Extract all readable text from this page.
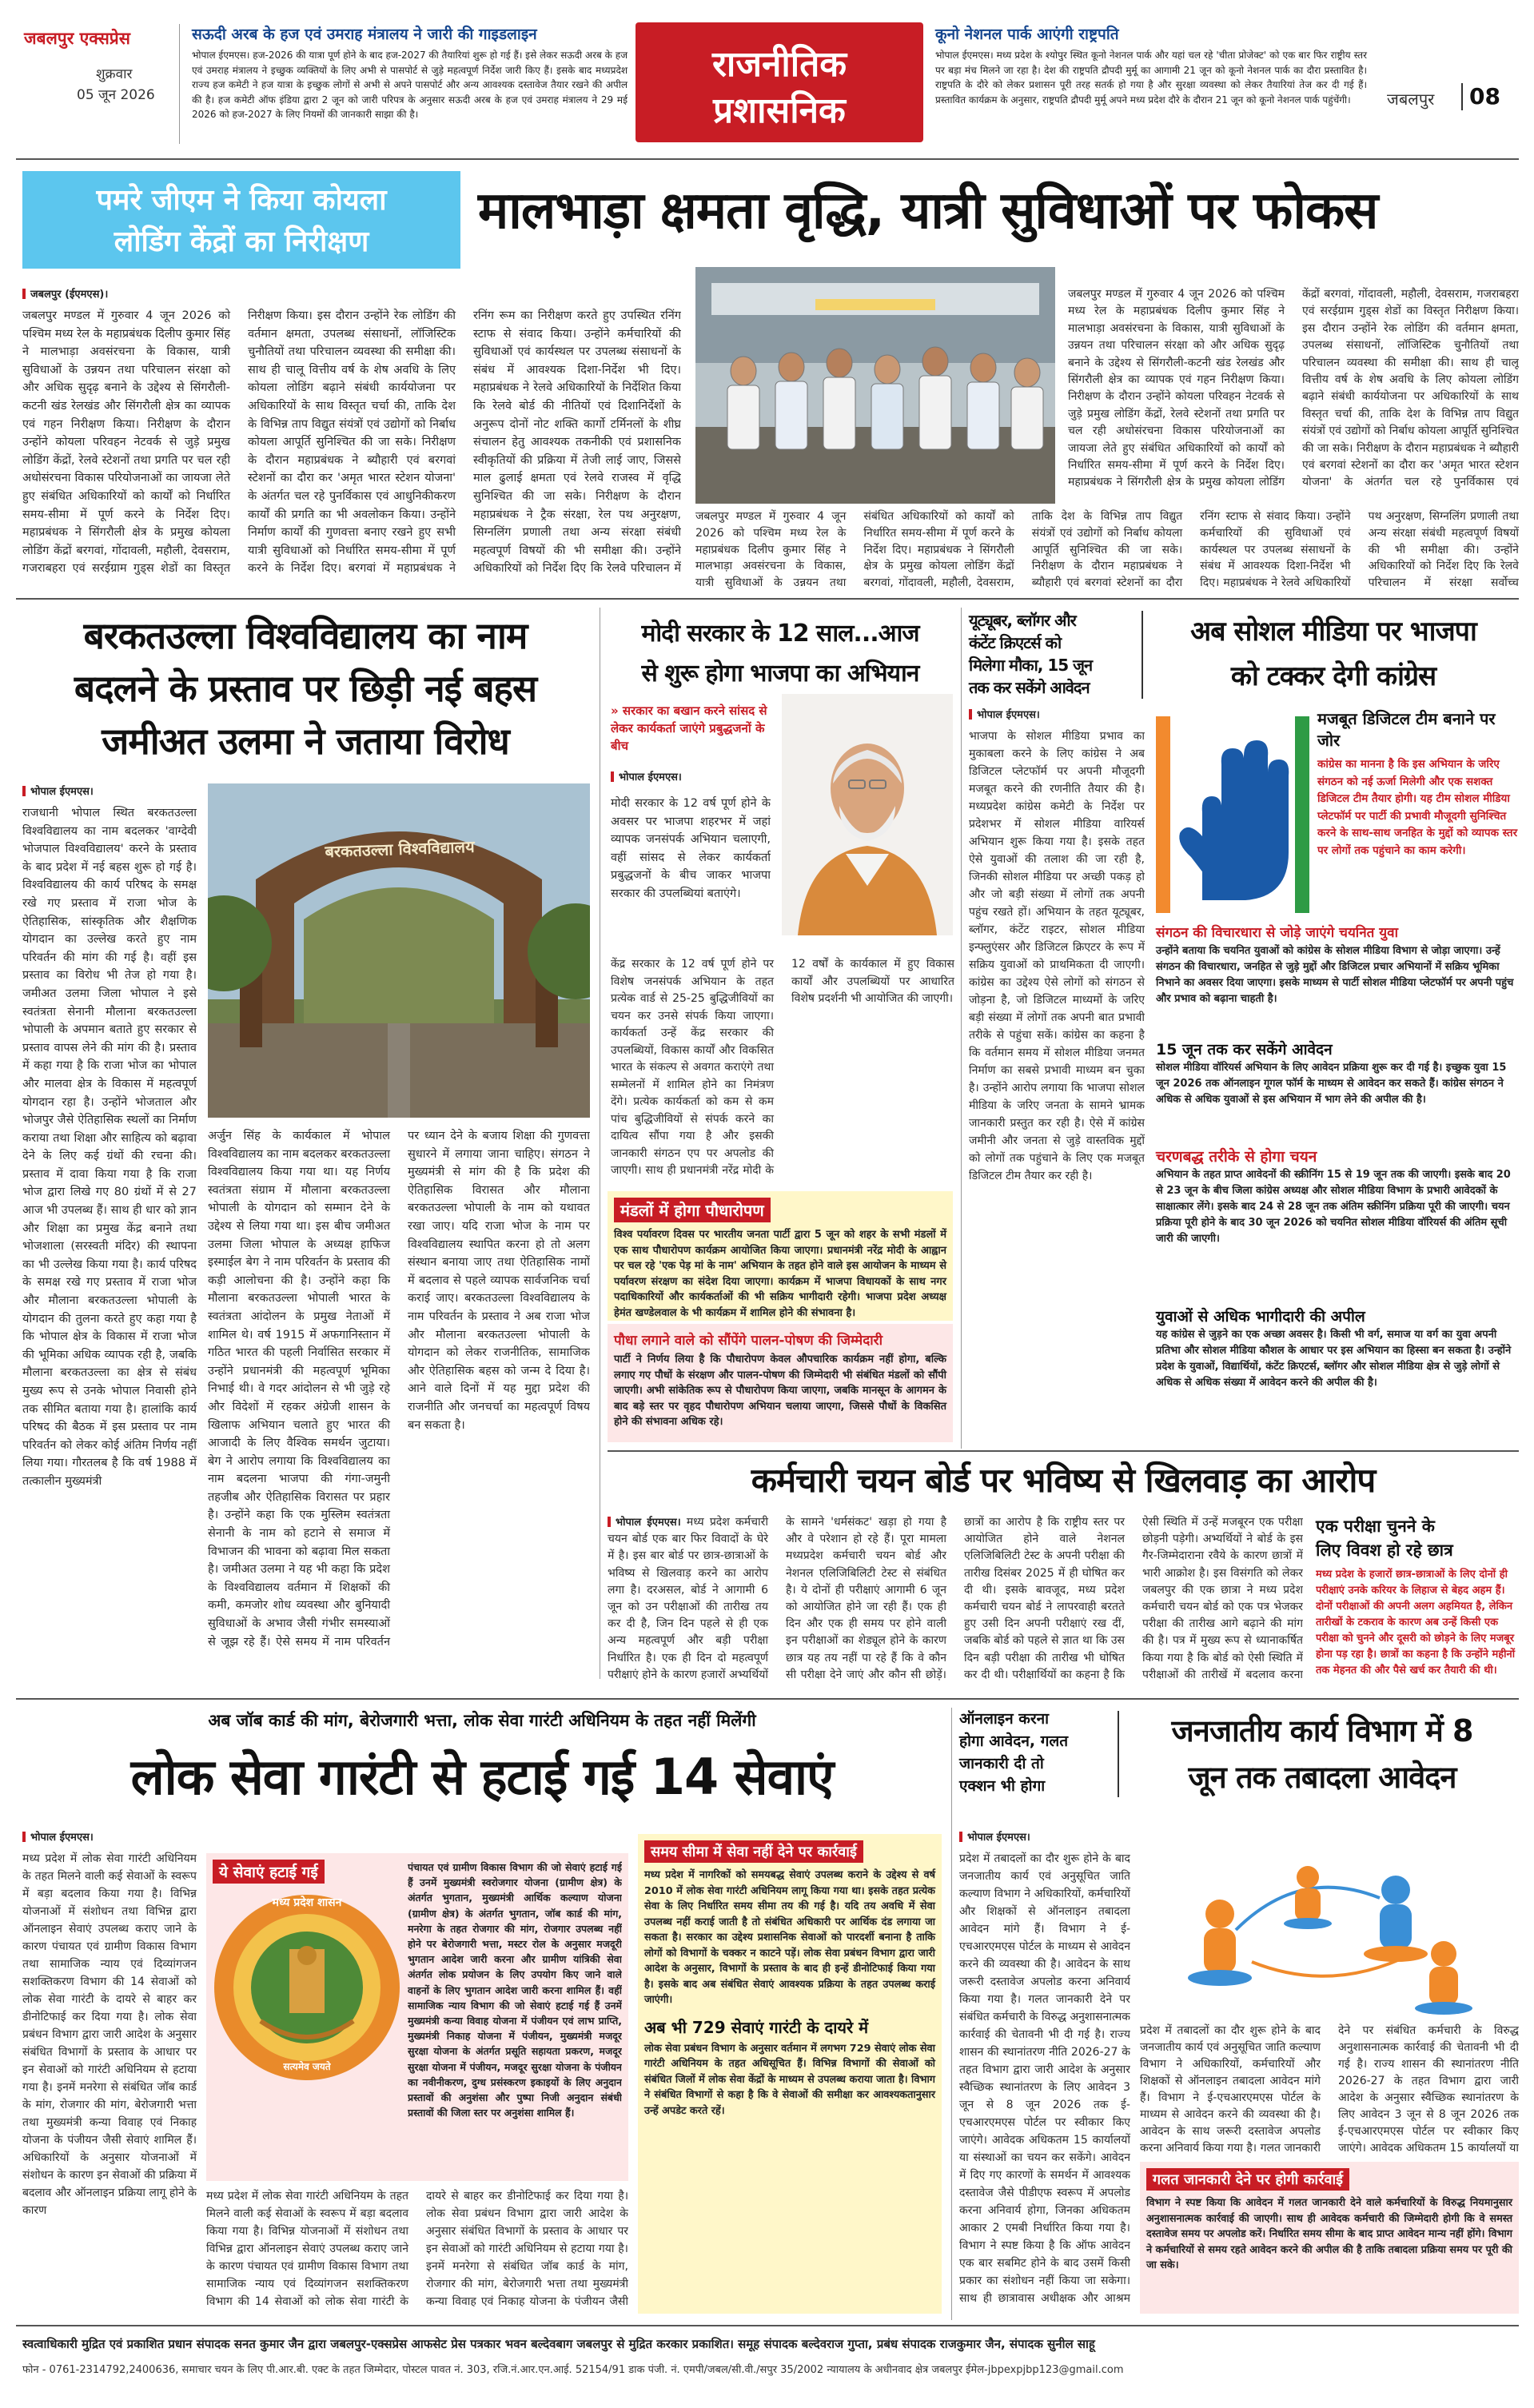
जबलपुर एक्सप्रेस
शुक्रवार
05 जून 2026
सऊदी अरब के हज एवं उमराह मंत्रालय ने जारी की गाइडलाइन
भोपाल ईएमएस। हज-2026 की यात्रा पूर्ण होने के बाद हज-2027 की तैयारियां शुरू हो गई हैं। इसे लेकर सऊदी अरब के हज एवं उमराह मंत्रालय ने इच्छुक व्यक्तियों के लिए अभी से पासपोर्ट से जुड़े महत्वपूर्ण निर्देश जारी किए हैं। इसके बाद मध्यप्रदेश राज्य हज कमेटी ने हज यात्रा के इच्छुक लोगों से अभी से अपने पासपोर्ट और अन्य आवश्यक दस्तावेज तैयार रखने की अपील की है। हज कमेटी ऑफ इंडिया द्वारा 2 जून को जारी परिपत्र के अनुसार सऊदी अरब के हज एवं उमराह मंत्रालय ने 29 मई 2026 को हज-2027 के लिए नियमों की जानकारी साझा की है।
राजनीतिक
प्रशासनिक
कूनो नेशनल पार्क आएंगी राष्ट्रपति
भोपाल ईएमएस। मध्य प्रदेश के श्योपुर स्थित कूनो नेशनल पार्क और यहां चल रहे 'चीता प्रोजेक्ट' को एक बार फिर राष्ट्रीय स्तर पर बड़ा मंच मिलने जा रहा है। देश की राष्ट्रपति द्रौपदी मुर्मू का आगामी 21 जून को कूनो नेशनल पार्क का दौरा प्रस्तावित है। राष्ट्रपति के दौरे को लेकर प्रशासन पूरी तरह सतर्क हो गया है और सुरक्षा व्यवस्था को लेकर तैयारियां तेज कर दी गई हैं। प्रस्तावित कार्यक्रम के अनुसार, राष्ट्रपति द्रौपदी मुर्मू अपने मध्य प्रदेश दौरे के दौरान 21 जून को कूनो नेशनल पार्क पहुंचेंगी।	जबलपुर 08
पमरे जीएम ने किया कोयला
लोडिंग केंद्रों का निरीक्षण
मालभाड़ा क्षमता वृद्धि, यात्री सुविधाओं पर फोकस
जबलपुर (ईएमएस)।
जबलपुर मण्डल में गुरुवार 4 जून 2026 को पश्चिम मध्य रेल के महाप्रबंधक दिलीप कुमार सिंह ने मालभाड़ा अवसंरचना के विकास, यात्री सुविधाओं के उन्नयन तथा परिचालन संरक्षा को और अधिक सुदृढ़ बनाने के उद्देश्य से सिंगरौली-कटनी खंड रेलखंड और सिंगरौली क्षेत्र का व्यापक एवं गहन निरीक्षण किया। निरीक्षण के दौरान उन्होंने कोयला परिवहन नेटवर्क से जुड़े प्रमुख लोडिंग केंद्रों, रेलवे स्टेशनों तथा प्रगति पर चल रही अधोसंरचना विकास परियोजनाओं का जायजा लेते हुए संबंधित अधिकारियों को कार्यों को निर्धारित समय-सीमा में पूर्ण करने के निर्देश दिए। महाप्रबंधक ने सिंगरौली क्षेत्र के प्रमुख कोयला लोडिंग केंद्रों बरगवां, गोंदावली, महौली, देवसराम, गजराबहरा एवं सरईग्राम गुड्स शेडों का विस्तृत निरीक्षण किया। इस दौरान उन्होंने रेक लोडिंग की वर्तमान क्षमता, उपलब्ध संसाधनों, लॉजिस्टिक चुनौतियों तथा परिचालन व्यवस्था की समीक्षा की। साथ ही चालू वित्तीय वर्ष के शेष अवधि के लिए कोयला लोडिंग बढ़ाने संबंधी कार्ययोजना पर अधिकारियों के साथ विस्तृत चर्चा की, ताकि देश के विभिन्न ताप विद्युत संयंत्रों एवं उद्योगों को निर्बाध कोयला आपूर्ति सुनिश्चित की जा सके। निरीक्षण के दौरान महाप्रबंधक ने ब्यौहारी एवं बरगवां स्टेशनों का दौरा कर 'अमृत भारत स्टेशन योजना' के अंतर्गत चल रहे पुनर्विकास एवं आधुनिकीकरण कार्यों की प्रगति का भी अवलोकन किया। उन्होंने निर्माण कार्यों की गुणवत्ता बनाए रखने हुए सभी यात्री सुविधाओं को निर्धारित समय-सीमा में पूर्ण करने के निर्देश दिए। बरगवां में महाप्रबंधक ने रनिंग रूम का निरीक्षण करते हुए उपस्थित रनिंग स्टाफ से संवाद किया। उन्होंने कर्मचारियों की सुविधाओं एवं कार्यस्थल पर उपलब्ध संसाधनों के संबंध में आवश्यक दिशा-निर्देश भी दिए। महाप्रबंधक ने रेलवे अधिकारियों के निर्देशित किया कि रेलवे बोर्ड की नीतियों एवं दिशानिर्देशों के अनुरूप दोनों नोट शक्ति कार्गो टर्मिनलों के शीघ्र संचालन हेतु आवश्यक तकनीकी एवं प्रशासनिक स्वीकृतियों की प्रक्रिया में तेजी लाई जाए, जिससे माल ढुलाई क्षमता एवं रेलवे राजस्व में वृद्धि सुनिश्चित की जा सके। निरीक्षण के दौरान महाप्रबंधक ने ट्रैक संरक्षा, रेल पथ अनुरक्षण, सिग्नलिंग प्रणाली तथा अन्य संरक्षा संबंधी महत्वपूर्ण विषयों की भी समीक्षा की। उन्होंने अधिकारियों को निर्देश दिए कि रेलवे परिचालन में
जबलपुर मण्डल में गुरुवार 4 जून 2026 को पश्चिम मध्य रेल के महाप्रबंधक दिलीप कुमार सिंह ने मालभाड़ा अवसंरचना के विकास, यात्री सुविधाओं के उन्नयन तथा संबंधित अधिकारियों को कार्यों को निर्धारित समय-सीमा में पूर्ण करने के निर्देश दिए। महाप्रबंधक ने सिंगरौली क्षेत्र के प्रमुख कोयला लोडिंग केंद्रों बरगवां, गोंदावली, महौली, देवसराम, ताकि देश के विभिन्न ताप विद्युत संयंत्रों एवं उद्योगों को निर्बाध कोयला आपूर्ति सुनिश्चित की जा सके। निरीक्षण के दौरान महाप्रबंधक ने ब्यौहारी एवं बरगवां स्टेशनों का दौरा रनिंग स्टाफ से संवाद किया। उन्होंने कर्मचारियों की सुविधाओं एवं कार्यस्थल पर उपलब्ध संसाधनों के संबंध में आवश्यक दिशा-निर्देश भी दिए। महाप्रबंधक ने रेलवे अधिकारियों पथ अनुरक्षण, सिग्नलिंग प्रणाली तथा अन्य संरक्षा संबंधी महत्वपूर्ण विषयों की भी समीक्षा की। उन्होंने अधिकारियों को निर्देश दिए कि रेलवे परिचालन में संरक्षा सर्वोच्च
जबलपुर मण्डल में गुरुवार 4 जून 2026 को पश्चिम मध्य रेल के महाप्रबंधक दिलीप कुमार सिंह ने मालभाड़ा अवसंरचना के विकास, यात्री सुविधाओं के उन्नयन तथा परिचालन संरक्षा को और अधिक सुदृढ़ बनाने के उद्देश्य से सिंगरौली-कटनी खंड रेलखंड और सिंगरौली क्षेत्र का व्यापक एवं गहन निरीक्षण किया। निरीक्षण के दौरान उन्होंने कोयला परिवहन नेटवर्क से जुड़े प्रमुख लोडिंग केंद्रों, रेलवे स्टेशनों तथा प्रगति पर चल रही अधोसंरचना विकास परियोजनाओं का जायजा लेते हुए संबंधित अधिकारियों को कार्यों को निर्धारित समय-सीमा में पूर्ण करने के निर्देश दिए। महाप्रबंधक ने सिंगरौली क्षेत्र के प्रमुख कोयला लोडिंग केंद्रों बरगवां, गोंदावली, महौली, देवसराम, गजराबहरा एवं सरईग्राम गुड्स शेडों का विस्तृत निरीक्षण किया। इस दौरान उन्होंने रेक लोडिंग की वर्तमान क्षमता, उपलब्ध संसाधनों, लॉजिस्टिक चुनौतियों तथा परिचालन व्यवस्था की समीक्षा की। साथ ही चालू वित्तीय वर्ष के शेष अवधि के लिए कोयला लोडिंग बढ़ाने संबंधी कार्ययोजना पर अधिकारियों के साथ विस्तृत चर्चा की, ताकि देश के विभिन्न ताप विद्युत संयंत्रों एवं उद्योगों को निर्बाध कोयला आपूर्ति सुनिश्चित की जा सके। निरीक्षण के दौरान महाप्रबंधक ने ब्यौहारी एवं बरगवां स्टेशनों का दौरा कर 'अमृत भारत स्टेशन योजना' के अंतर्गत चल रहे पुनर्विकास एवं
बरकतउल्ला विश्वविद्यालय का नाम
बदलने के प्रस्ताव पर छिड़ी नई बहस
जमीअत उलमा ने जताया विरोध
भोपाल ईएमएस।
राजधानी भोपाल स्थित बरकतउल्ला विश्वविद्यालय का नाम बदलकर 'वाग्देवी भोजपाल विश्वविद्यालय' करने के प्रस्ताव के बाद प्रदेश में नई बहस शुरू हो गई है। विश्वविद्यालय की कार्य परिषद के समक्ष रखे गए प्रस्ताव में राजा भोज के ऐतिहासिक, सांस्कृतिक और शैक्षणिक योगदान का उल्लेख करते हुए नाम परिवर्तन की मांग की गई है। वहीं इस प्रस्ताव का विरोध भी तेज हो गया है। जमीअत उलमा जिला भोपाल ने इसे स्वतंत्रता सेनानी मौलाना बरकतउल्ला भोपाली के अपमान बताते हुए सरकार से प्रस्ताव वापस लेने की मांग की है। प्रस्ताव में कहा गया है कि राजा भोज का भोपाल और मालवा क्षेत्र के विकास में महत्वपूर्ण योगदान रहा है। उन्होंने भोजताल और भोजपुर जैसे ऐतिहासिक स्थलों का निर्माण कराया तथा शिक्षा और साहित्य को बढ़ावा देने के लिए कई ग्रंथों की रचना की। प्रस्ताव में दावा किया गया है कि राजा भोज द्वारा लिखे गए 80 ग्रंथों में से 27 आज भी उपलब्ध हैं। साथ ही धार को ज्ञान और शिक्षा का प्रमुख केंद्र बनाने तथा भोजशाला (सरस्वती मंदिर) की स्थापना का भी उल्लेख किया गया है। कार्य परिषद के समक्ष रखे गए प्रस्ताव में राजा भोज और मौलाना बरकतउल्ला भोपाली के योगदान की तुलना करते हुए कहा गया है कि भोपाल क्षेत्र के विकास में राजा भोज की भूमिका अधिक व्यापक रही है, जबकि मौलाना बरकतउल्ला का क्षेत्र से संबंध मुख्य रूप से उनके भोपाल निवासी होने तक सीमित बताया गया है। हालांकि कार्य परिषद की बैठक में इस प्रस्ताव पर नाम परिवर्तन को लेकर कोई अंतिम निर्णय नहीं लिया गया। गौरतलब है कि वर्ष 1988 में तत्कालीन मुख्यमंत्री
बरकतउल्ला विश्वविद्यालय
अर्जुन सिंह के कार्यकाल में भोपाल विश्वविद्यालय का नाम बदलकर बरकतउल्ला विश्वविद्यालय किया गया था। यह निर्णय स्वतंत्रता संग्राम में मौलाना बरकतउल्ला भोपाली के योगदान को सम्मान देने के उद्देश्य से लिया गया था। इस बीच जमीअत उलमा जिला भोपाल के अध्यक्ष हाफिज इस्माईल बेग ने नाम परिवर्तन के प्रस्ताव की कड़ी आलोचना की है। उन्होंने कहा कि मौलाना बरकतउल्ला भोपाली भारत के स्वतंत्रता आंदोलन के प्रमुख नेताओं में शामिल थे। वर्ष 1915 में अफगानिस्तान में गठित भारत की पहली निर्वासित सरकार में उन्होंने प्रधानमंत्री की महत्वपूर्ण भूमिका निभाई थी। वे गदर आंदोलन से भी जुड़े रहे और विदेशों में रहकर अंग्रेजी शासन के खिलाफ अभियान चलाते हुए भारत की आजादी के लिए वैश्विक समर्थन जुटाया। बेग ने आरोप लगाया कि विश्वविद्यालय का नाम बदलना भाजपा की गंगा-जमुनी तहजीब और ऐतिहासिक विरासत पर प्रहार है। उन्होंने कहा कि एक मुस्लिम स्वतंत्रता सेनानी के नाम को हटाने से समाज में विभाजन की भावना को बढ़ावा मिल सकता है। जमीअत उलमा ने यह भी कहा कि प्रदेश के विश्वविद्यालय वर्तमान में शिक्षकों की कमी, कमजोर शोध व्यवस्था और बुनियादी सुविधाओं के अभाव जैसी गंभीर समस्याओं से जूझ रहे हैं। ऐसे समय में नाम परिवर्तन पर ध्यान देने के बजाय शिक्षा की गुणवत्ता सुधारने में लगाया जाना चाहिए। संगठन ने मुख्यमंत्री से मांग की है कि प्रदेश की ऐतिहासिक विरासत और मौलाना बरकतउल्ला भोपाली के नाम को यथावत रखा जाए। यदि राजा भोज के नाम पर विश्वविद्यालय स्थापित करना हो तो अलग संस्थान बनाया जाए तथा ऐतिहासिक नामों में बदलाव से पहले व्यापक सार्वजनिक चर्चा कराई जाए। बरकतउल्ला विश्वविद्यालय के नाम परिवर्तन के प्रस्ताव ने अब राजा भोज और मौलाना बरकतउल्ला भोपाली के योगदान को लेकर राजनीतिक, सामाजिक और ऐतिहासिक बहस को जन्म दे दिया है। आने वाले दिनों में यह मुद्दा प्रदेश की राजनीति और जनचर्चा का महत्वपूर्ण विषय बन सकता है।
मोदी सरकार के 12 साल...आज
से शुरू होगा भाजपा का अभियान
» सरकार का बखान करने सांसद से लेकर कार्यकर्ता जाएंगे प्रबुद्धजनों के बीच
भोपाल ईएमएस।
मोदी सरकार के 12 वर्ष पूर्ण होने के अवसर पर भाजपा शहरभर में जहां व्यापक जनसंपर्क अभियान चलाएगी, वहीं सांसद से लेकर कार्यकर्ता प्रबुद्धजनों के बीच जाकर भाजपा सरकार की उपलब्धियां बताएंगे।
केंद्र सरकार के 12 वर्ष पूर्ण होने पर विशेष जनसंपर्क अभियान के तहत प्रत्येक वार्ड से 25-25 बुद्धिजीवियों का चयन कर उनसे संपर्क किया जाएगा। कार्यकर्ता उन्हें केंद्र सरकार की उपलब्धियों, विकास कार्यों और विकसित भारत के संकल्प से अवगत कराएंगे तथा सम्मेलनों में शामिल होने का निमंत्रण देंगे। प्रत्येक कार्यकर्ता को कम से कम पांच बुद्धिजीवियों से संपर्क करने का दायित्व सौंपा गया है और इसकी जानकारी संगठन एप पर अपलोड की जाएगी। साथ ही प्रधानमंत्री नरेंद्र मोदी के 12 वर्षों के कार्यकाल में हुए विकास कार्यों और उपलब्धियों पर आधारित विशेष प्रदर्शनी भी आयोजित की जाएगी।
मंडलों में होगा पौधारोपण
विश्व पर्यावरण दिवस पर भारतीय जनता पार्टी द्वारा 5 जून को शहर के सभी मंडलों में एक साथ पौधारोपण कार्यक्रम आयोजित किया जाएगा। प्रधानमंत्री नरेंद्र मोदी के आह्वान पर चल रहे 'एक पेड़ मां के नाम' अभियान के तहत होने वाले इस आयोजन के माध्यम से पर्यावरण संरक्षण का संदेश दिया जाएगा। कार्यक्रम में भाजपा विधायकों के साथ नगर पदाधिकारियों और कार्यकर्ताओं की भी सक्रिय भागीदारी रहेगी। भाजपा प्रदेश अध्यक्ष हेमंत खण्डेलवाल के भी कार्यक्रम में शामिल होने की संभावना है।
पौधा लगाने वाले को सौंपेंगे पालन-पोषण की जिम्मेदारी
पार्टी ने निर्णय लिया है कि पौधारोपण केवल औपचारिक कार्यक्रम नहीं होगा, बल्कि लगाए गए पौधों के संरक्षण और पालन-पोषण की जिम्मेदारी भी संबंधित मंडलों को सौंपी जाएगी। अभी सांकेतिक रूप से पौधारोपण किया जाएगा, जबकि मानसून के आगमन के बाद बड़े स्तर पर वृहद पौधारोपण अभियान चलाया जाएगा, जिससे पौधों के विकसित होने की संभावना अधिक रहे।
यूट्यूबर, ब्लॉगर और
कंटेंट क्रिएटर्स को
मिलेगा मौका, 15 जून
तक कर सकेंगे आवेदन
अब सोशल मीडिया पर भाजपा
को टक्कर देगी कांग्रेस
भोपाल ईएमएस।
भाजपा के सोशल मीडिया प्रभाव का मुकाबला करने के लिए कांग्रेस ने अब डिजिटल प्लेटफॉर्म पर अपनी मौजूदगी मजबूत करने की रणनीति तैयार की है। मध्यप्रदेश कांग्रेस कमेटी के निर्देश पर प्रदेशभर में सोशल मीडिया वारियर्स अभियान शुरू किया गया है। इसके तहत ऐसे युवाओं की तलाश की जा रही है, जिनकी सोशल मीडिया पर अच्छी पकड़ हो और जो बड़ी संख्या में लोगों तक अपनी पहुंच रखते हों। अभियान के तहत यूट्यूबर, ब्लॉगर, कंटेंट राइटर, सोशल मीडिया इन्फ्लुएंसर और डिजिटल क्रिएटर के रूप में सक्रिय युवाओं को प्राथमिकता दी जाएगी। कांग्रेस का उद्देश्य ऐसे लोगों को संगठन से जोड़ना है, जो डिजिटल माध्यमों के जरिए बड़ी संख्या में लोगों तक अपनी बात प्रभावी तरीके से पहुंचा सकें। कांग्रेस का कहना है कि वर्तमान समय में सोशल मीडिया जनमत निर्माण का सबसे प्रभावी माध्यम बन चुका है। उन्होंने आरोप लगाया कि भाजपा सोशल मीडिया के जरिए जनता के सामने भ्रामक जानकारी प्रस्तुत कर रही है। ऐसे में कांग्रेस जमीनी और जनता से जुड़े वास्तविक मुद्दों को लोगों तक पहुंचाने के लिए एक मजबूत डिजिटल टीम तैयार कर रही है।
मजबूत डिजिटल टीम बनाने पर जोर
कांग्रेस का मानना है कि इस अभियान के जरिए संगठन को नई ऊर्जा मिलेगी और एक सशक्त डिजिटल टीम तैयार होगी। यह टीम सोशल मीडिया प्लेटफॉर्म पर पार्टी की प्रभावी मौजूदगी सुनिश्चित करने के साथ-साथ जनहित के मुद्दों को व्यापक स्तर पर लोगों तक पहुंचाने का काम करेगी।
संगठन की विचारधारा से जोड़े जाएंगे चयनित युवा
उन्होंने बताया कि चयनित युवाओं को कांग्रेस के सोशल मीडिया विभाग से जोड़ा जाएगा। उन्हें संगठन की विचारधारा, जनहित से जुड़े मुद्दों और डिजिटल प्रचार अभियानों में सक्रिय भूमिका निभाने का अवसर दिया जाएगा। इसके माध्यम से पार्टी सोशल मीडिया प्लेटफॉर्म पर अपनी पहुंच और प्रभाव को बढ़ाना चाहती है।
15 जून तक कर सकेंगे आवेदन
सोशल मीडिया वॉरियर्स अभियान के लिए आवेदन प्रक्रिया शुरू कर दी गई है। इच्छुक युवा 15 जून 2026 तक ऑनलाइन गूगल फॉर्म के माध्यम से आवेदन कर सकते हैं। कांग्रेस संगठन ने अधिक से अधिक युवाओं से इस अभियान में भाग लेने की अपील की है।
चरणबद्ध तरीके से होगा चयन
अभियान के तहत प्राप्त आवेदनों की स्क्रीनिंग 15 से 19 जून तक की जाएगी। इसके बाद 20 से 23 जून के बीच जिला कांग्रेस अध्यक्ष और सोशल मीडिया विभाग के प्रभारी आवेदकों के साक्षात्कार लेंगे। इसके बाद 24 से 28 जून तक अंतिम स्क्रीनिंग प्रक्रिया पूरी की जाएगी। चयन प्रक्रिया पूरी होने के बाद 30 जून 2026 को चयनित सोशल मीडिया वॉरियर्स की अंतिम सूची जारी की जाएगी।
युवाओं से अधिक भागीदारी की अपील
यह कांग्रेस से जुड़ने का एक अच्छा अवसर है। किसी भी वर्ग, समाज या वर्ग का युवा अपनी प्रतिभा और सोशल मीडिया कौशल के आधार पर इस अभियान का हिस्सा बन सकता है। उन्होंने प्रदेश के युवाओं, विद्यार्थियों, कंटेंट क्रिएटर्स, ब्लॉगर और सोशल मीडिया क्षेत्र से जुड़े लोगों से अधिक से अधिक संख्या में आवेदन करने की अपील की है।
कर्मचारी चयन बोर्ड पर भविष्य से खिलवाड़ का आरोप
भोपाल ईएमएस। मध्य प्रदेश कर्मचारी चयन बोर्ड एक बार फिर विवादों के घेरे में है। इस बार बोर्ड पर छात्र-छात्राओं के भविष्य से खिलवाड़ करने का आरोप लगा है। दरअसल, बोर्ड ने आगामी 6 जून को उन परीक्षाओं की तारीख तय कर दी है, जिन दिन पहले से ही एक अन्य महत्वपूर्ण और बड़ी परीक्षा निर्धारित है। एक ही दिन दो महत्वपूर्ण परीक्षाएं होने के कारण हजारों अभ्यर्थियों के सामने 'धर्मसंकट' खड़ा हो गया है और वे परेशान हो रहे हैं। पूरा मामला मध्यप्रदेश कर्मचारी चयन बोर्ड और नेशनल एलिजिबिलिटी टेस्ट से संबंधित है। ये दोनों ही परीक्षाएं आगामी 6 जून को आयोजित होने जा रही हैं। एक ही दिन और एक ही समय पर होने वाली इन परीक्षाओं का शेड्यूल होने के कारण छात्र यह तय नहीं पा रहे हैं कि वे कौन सी परीक्षा देने जाएं और कौन सी छोड़ें। छात्रों का आरोप है कि राष्ट्रीय स्तर पर आयोजित होने वाले नेशनल एलिजिबिलिटी टेस्ट के अपनी परीक्षा की तारीख दिसंबर 2025 में ही घोषित कर दी थी। इसके बावजूद, मध्य प्रदेश कर्मचारी चयन बोर्ड ने लापरवाही बरतते हुए उसी दिन अपनी परीक्षाएं रख दीं, जबकि बोर्ड को पहले से ज्ञात था कि उस दिन बड़ी परीक्षा की तारीख भी घोषित कर दी थी। परीक्षार्थियों का कहना है कि ऐसी स्थिति में उन्हें मजबूरन एक परीक्षा छोड़नी पड़ेगी। अभ्यर्थियों ने बोर्ड के इस गैर-जिम्मेदाराना रवैये के कारण छात्रों में भारी आक्रोश है। इस विसंगति को लेकर जबलपुर की एक छात्रा ने मध्य प्रदेश कर्मचारी चयन बोर्ड को एक पत्र भेजकर परीक्षा की तारीख आगे बढ़ाने की मांग की है। पत्र में मुख्य रूप से ध्यानाकर्षित किया गया है कि बोर्ड को ऐसी स्थिति में परीक्षाओं की तारीखें में बदलाव करना
एक परीक्षा चुनने के
लिए विवश हो रहे छात्र
मध्य प्रदेश के हजारों छात्र-छात्राओं के लिए दोनों ही परीक्षाएं उनके करियर के लिहाज से बेहद अहम हैं। दोनों परीक्षाओं की अपनी अलग अहमियत है, लेकिन तारीखों के टकराव के कारण अब उन्हें किसी एक परीक्षा को चुनने और दूसरी को छोड़ने के लिए मजबूर होना पड़ रहा है। छात्रों का कहना है कि उन्होंने महीनों तक मेहनत की और पैसे खर्च कर तैयारी की थी।
अब जॉब कार्ड की मांग, बेरोजगारी भत्ता, लोक सेवा गारंटी अधिनियम के तहत नहीं मिलेंगी
लोक सेवा गारंटी से हटाई गई 14 सेवाएं
भोपाल ईएमएस।
मध्य प्रदेश में लोक सेवा गारंटी अधिनियम के तहत मिलने वाली कई सेवाओं के स्वरूप में बड़ा बदलाव किया गया है। विभिन्न योजनाओं में संशोधन तथा विभिन्न द्वारा ऑनलाइन सेवाएं उपलब्ध कराए जाने के कारण पंचायत एवं ग्रामीण विकास विभाग तथा सामाजिक न्याय एवं दिव्यांगजन सशक्तिकरण विभाग की 14 सेवाओं को लोक सेवा गारंटी के दायरे से बाहर कर डीनोटिफाई कर दिया गया है। लोक सेवा प्रबंधन विभाग द्वारा जारी आदेश के अनुसार संबंधित विभागों के प्रस्ताव के आधार पर इन सेवाओं को गारंटी अधिनियम से हटाया गया है। इनमें मनरेगा से संबंधित जॉब कार्ड के मांग, रोजगार की मांग, बेरोजगारी भत्ता तथा मुख्यमंत्री कन्या विवाह एवं निकाह योजना के पंजीयन जैसी सेवाएं शामिल हैं। अधिकारियों के अनुसार योजनाओं में संशोधन के कारण इन सेवाओं की प्रक्रिया में बदलाव और ऑनलाइन प्रक्रिया लागू होने के कारण
ये सेवाएं हटाई गई
मध्य प्रदेश शासन
सत्यमेव जयते
पंचायत एवं ग्रामीण विकास विभाग की जो सेवाएं हटाई गई हैं उनमें मुख्यमंत्री स्वरोजगार योजना (ग्रामीण क्षेत्र) के अंतर्गत भुगतान, मुख्यमंत्री आर्थिक कल्याण योजना (ग्रामीण क्षेत्र) के अंतर्गत भुगतान, जॉब कार्ड की मांग, मनरेगा के तहत रोजगार की मांग, रोजगार उपलब्ध नहीं होने पर बेरोजगारी भत्ता, मस्टर रोल के अनुसार मजदूरी भुगतान आदेश जारी करना और ग्रामीण यांत्रिकी सेवा अंतर्गत लोक प्रयोजन के लिए उपयोग किए जाने वाले वाहनों के लिए भुगतान आदेश जारी करना शामिल हैं। वहीं सामाजिक न्याय विभाग की जो सेवाएं हटाई गई हैं उनमें मुख्यमंत्री कन्या विवाह योजना में पंजीयन एवं लाभ प्राप्ति, मुख्यमंत्री निकाह योजना में पंजीयन, मुख्यमंत्री मजदूर सुरक्षा योजना के अंतर्गत प्रसूति सहायता प्रकरण, मजदूर सुरक्षा योजना में पंजीयन, मजदूर सुरक्षा योजना के पंजीयन का नवीनीकरण, दुग्ध प्रसंस्करण इकाइयों के लिए अनुदान प्रस्तावों की अनुशंसा और पुष्पा निजी अनुदान संबंधी प्रस्तावों की जिला स्तर पर अनुशंसा शामिल हैं।
मध्य प्रदेश में लोक सेवा गारंटी अधिनियम के तहत मिलने वाली कई सेवाओं के स्वरूप में बड़ा बदलाव किया गया है। विभिन्न योजनाओं में संशोधन तथा विभिन्न द्वारा ऑनलाइन सेवाएं उपलब्ध कराए जाने के कारण पंचायत एवं ग्रामीण विकास विभाग तथा सामाजिक न्याय एवं दिव्यांगजन सशक्तिकरण विभाग की 14 सेवाओं को लोक सेवा गारंटी के दायरे से बाहर कर डीनोटिफाई कर दिया गया है। लोक सेवा प्रबंधन विभाग द्वारा जारी आदेश के अनुसार संबंधित विभागों के प्रस्ताव के आधार पर इन सेवाओं को गारंटी अधिनियम से हटाया गया है। इनमें मनरेगा से संबंधित जॉब कार्ड के मांग, रोजगार की मांग, बेरोजगारी भत्ता तथा मुख्यमंत्री कन्या विवाह एवं निकाह योजना के पंजीयन जैसी
समय सीमा में सेवा नहीं देने पर कार्रवाई
मध्य प्रदेश में नागरिकों को समयबद्ध सेवाएं उपलब्ध कराने के उद्देश्य से वर्ष 2010 में लोक सेवा गारंटी अधिनियम लागू किया गया था। इसके तहत प्रत्येक सेवा के लिए निर्धारित समय सीमा तय की गई है। यदि तय अवधि में सेवा उपलब्ध नहीं कराई जाती है तो संबंधित अधिकारी पर आर्थिक दंड लगाया जा सकता है। सरकार का उद्देश्य प्रशासनिक सेवाओं को पारदर्शी बनाना है ताकि लोगों को विभागों के चक्कर न काटने पड़ें। लोक सेवा प्रबंधन विभाग द्वारा जारी आदेश के अनुसार, विभागों के प्रस्ताव के बाद ही इन्हें डीनोटिफाई किया गया है। इसके बाद अब संबंधित सेवाएं आवश्यक प्रक्रिया के तहत उपलब्ध कराई जाएंगी।
अब भी 729 सेवाएं गारंटी के दायरे में
लोक सेवा प्रबंधन विभाग के अनुसार वर्तमान में लगभग 729 सेवाएं लोक सेवा गारंटी अधिनियम के तहत अधिसूचित हैं। विभिन्न विभागों की सेवाओं को संबंधित जिलों में लोक सेवा केंद्रों के माध्यम से उपलब्ध कराया जाता है। विभाग ने संबंधित विभागों से कहा है कि वे सेवाओं की समीक्षा कर आवश्यकतानुसार उन्हें अपडेट करते रहें।
ऑनलाइन करना
होगा आवेदन, गलत
जानकारी दी तो
एक्शन भी होगा
जनजातीय कार्य विभाग में 8
जून तक तबादला आवेदन
भोपाल ईएमएस।
प्रदेश में तबादलों का दौर शुरू होने के बाद जनजातीय कार्य एवं अनुसूचित जाति कल्याण विभाग ने अधिकारियों, कर्मचारियों और शिक्षकों से ऑनलाइन तबादला आवेदन मांगे हैं। विभाग ने ई-एचआरएमएस पोर्टल के माध्यम से आवेदन करने की व्यवस्था की है। आवेदन के साथ जरूरी दस्तावेज अपलोड करना अनिवार्य किया गया है। गलत जानकारी देने पर संबंधित कर्मचारी के विरुद्ध अनुशासनात्मक कार्रवाई की चेतावनी भी दी गई है। राज्य शासन की स्थानांतरण नीति 2026-27 के तहत विभाग द्वारा जारी आदेश के अनुसार स्वैच्छिक स्थानांतरण के लिए आवेदन 3 जून से 8 जून 2026 तक ई-एचआरएमएस पोर्टल पर स्वीकार किए जाएंगे। आवेदक अधिकतम 15 कार्यालयों या संस्थाओं का चयन कर सकेंगे। आवेदन में दिए गए कारणों के समर्थन में आवश्यक दस्तावेज जैसे पीडीएफ स्वरूप में अपलोड करना अनिवार्य होगा, जिनका अधिकतम आकार 2 एमबी निर्धारित किया गया है। विभाग ने स्पष्ट किया है कि ऑफ आवेदन एक बार सबमिट होने के बाद उसमें किसी प्रकार का संशोधन नहीं किया जा सकेगा। साथ ही छात्रावास अधीक्षक और आश्रम
प्रदेश में तबादलों का दौर शुरू होने के बाद जनजातीय कार्य एवं अनुसूचित जाति कल्याण विभाग ने अधिकारियों, कर्मचारियों और शिक्षकों से ऑनलाइन तबादला आवेदन मांगे हैं। विभाग ने ई-एचआरएमएस पोर्टल के माध्यम से आवेदन करने की व्यवस्था की है। आवेदन के साथ जरूरी दस्तावेज अपलोड करना अनिवार्य किया गया है। गलत जानकारी देने पर संबंधित कर्मचारी के विरुद्ध अनुशासनात्मक कार्रवाई की चेतावनी भी दी गई है। राज्य शासन की स्थानांतरण नीति 2026-27 के तहत विभाग द्वारा जारी आदेश के अनुसार स्वैच्छिक स्थानांतरण के लिए आवेदन 3 जून से 8 जून 2026 तक ई-एचआरएमएस पोर्टल पर स्वीकार किए जाएंगे। आवेदक अधिकतम 15 कार्यालयों या
गलत जानकारी देने पर होगी कार्रवाई
विभाग ने स्पष्ट किया कि आवेदन में गलत जानकारी देने वाले कर्मचारियों के विरुद्ध नियमानुसार अनुशासनात्मक कार्रवाई की जाएगी। साथ ही आवेदक कर्मचारी की जिम्मेदारी होगी कि वे समस्त दस्तावेज समय पर अपलोड करें। निर्धारित समय सीमा के बाद प्राप्त आवेदन मान्य नहीं होंगे। विभाग ने कर्मचारियों से समय रहते आवेदन करने की अपील की है ताकि तबादला प्रक्रिया समय पर पूरी की जा सके।
स्वत्वाधिकारी मुद्रित एवं प्रकाशित प्रधान संपादक सनत कुमार जैन द्वारा जबलपुर-एक्सप्रेस आफसेट प्रेस पत्रकार भवन बल्देवबाग जबलपुर से मुद्रित करकार प्रकाशित। समूह संपादक बल्देवराज गुप्ता, प्रबंध संपादक राजकुमार जैन, संपादक सुनील साहू
फोन - 0761-2314792,2400636, समाचार चयन के लिए पी.आर.बी. एक्ट के तहत जिम्मेदार, पोस्टल पावत नं. 303, रजि.नं.आर.एन.आई. 52154/91 डाक पंजी. नं. एमपी/जबल/सी.वी./सपुर 35/2002 न्यायालय के अधीनवाद क्षेत्र जबलपुर ईमेल-jbpexpjbp123@gmail.com
